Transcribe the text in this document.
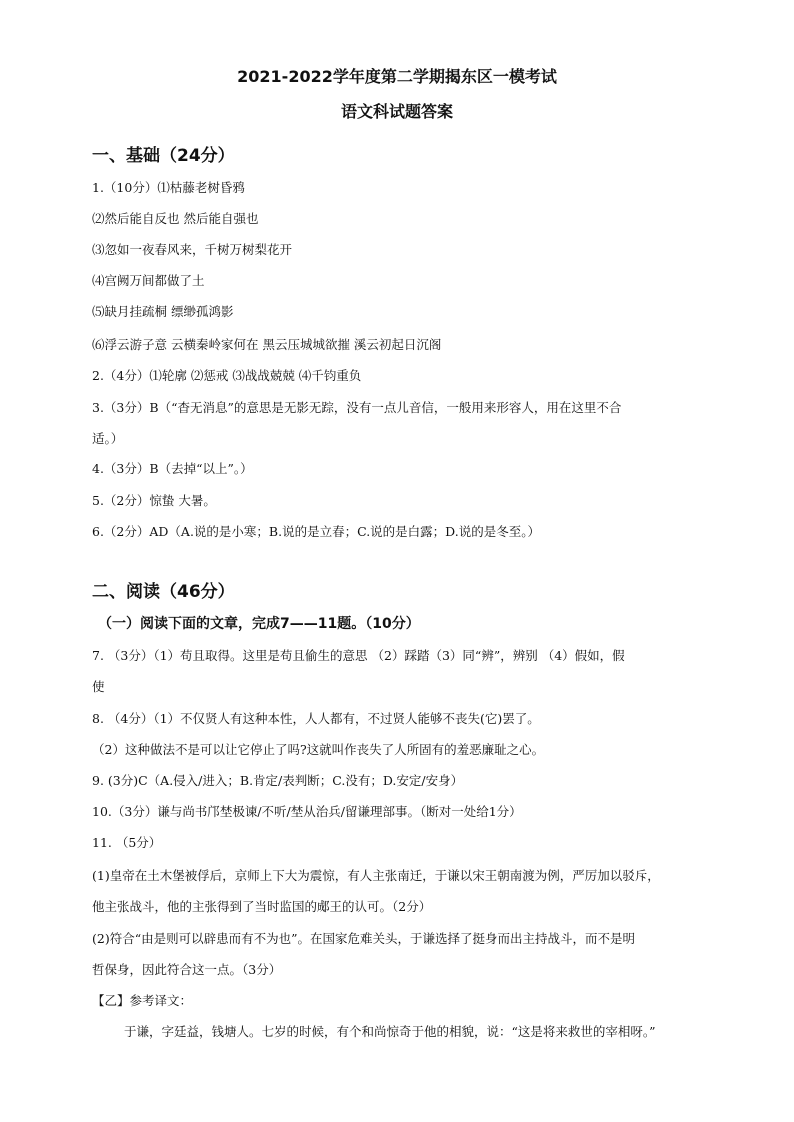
2021-2022学年度第二学期揭东区一模考试
语文科试题答案
一、基础（24分）
1.（10分）⑴枯藤老树昏鸦
⑵然后能自反也 然后能自强也
⑶忽如一夜春风来，千树万树梨花开
⑷宫阙万间都做了土
⑸缺月挂疏桐 缥缈孤鸿影
⑹浮云游子意 云横秦岭家何在 黑云压城城欲摧 溪云初起日沉阁
2.（4分）⑴轮廓 ⑵惩戒 ⑶战战兢兢 ⑷千钧重负
3.（3分）B（“杳无消息”的意思是无影无踪，没有一点儿音信，一般用来形容人，用在这里不合
适。）
4.（3分）B（去掉“以上”。）
5.（2分）惊蛰 大暑。
6.（2分）AD（A.说的是小寒；B.说的是立春；C.说的是白露；D.说的是冬至。）
二、阅读（46分）
（一）阅读下面的文章，完成7——11题。（10分）
7. （3分）（1）苟且取得。这里是苟且偷生的意思 （2）踩踏（3）同“辨”，辨别 （4）假如，假
使
8. （4分）（1）不仅贤人有这种本性，人人都有，不过贤人能够不丧失(它)罢了。
（2）这种做法不是可以让它停止了吗?这就叫作丧失了人所固有的羞恶廉耻之心。
9. (3分)C（A.侵入/进入；B.肯定/表判断；C.没有；D.安定/安身）
10.（3分）谦与尚书邝埜极谏/不听/埜从治兵/留谦理部事。（断对一处给1分）
11. （5分）
(1)皇帝在土木堡被俘后，京师上下大为震惊，有人主张南迁，于谦以宋王朝南渡为例，严厉加以驳斥，
他主张战斗，他的主张得到了当时监国的郕王的认可。（2分）
(2)符合“由是则可以辟患而有不为也”。在国家危难关头，于谦选择了挺身而出主持战斗，而不是明
哲保身，因此符合这一点。（3分）
【乙】参考译文：
于谦，字廷益，钱塘人。七岁的时候，有个和尚惊奇于他的相貌，说：“这是将来救世的宰相呀。”
